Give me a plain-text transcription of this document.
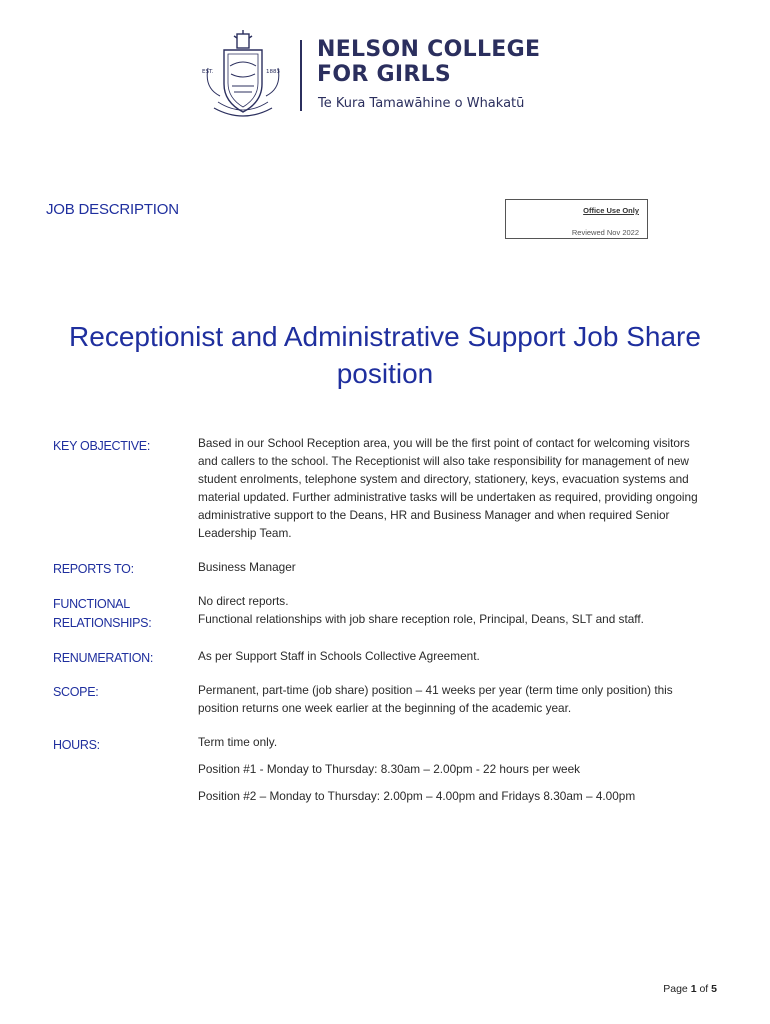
EST.	1883
NELSON COLLEGE
FOR GIRLS
Te Kura Tamawāhine o Whakatū
JOB DESCRIPTION	Office Use Only
Reviewed Nov 2022
Receptionist and Administrative Support Job Share position
KEY OBJECTIVE:	Based in our School Reception area, you will be the first point of contact for welcoming visitors and callers to the school. The Receptionist will also take responsibility for management of new student enrolments, telephone system and directory, stationery, keys, evacuation systems and material updated. Further administrative tasks will be undertaken as required, providing ongoing administrative support to the Deans, HR and Business Manager and when required Senior Leadership Team.
REPORTS TO:	Business Manager
FUNCTIONAL RELATIONSHIPS:

No direct reports.

Functional relationships with job share reception role, Principal, Deans, SLT and staff.

RENUMERATION:	As per Support Staff in Schools Collective Agreement.
SCOPE:	Permanent, part-time (job share) position – 41 weeks per year (term time only position) this position returns one week earlier at the beginning of the academic year.
HOURS:	Term time only.

Position #1 - Monday to Thursday: 8.30am – 2.00pm - 22 hours per week

Position #2 – Monday to Thursday: 2.00pm – 4.00pm and Fridays 8.30am – 4.00pm

Page 1 of 5
